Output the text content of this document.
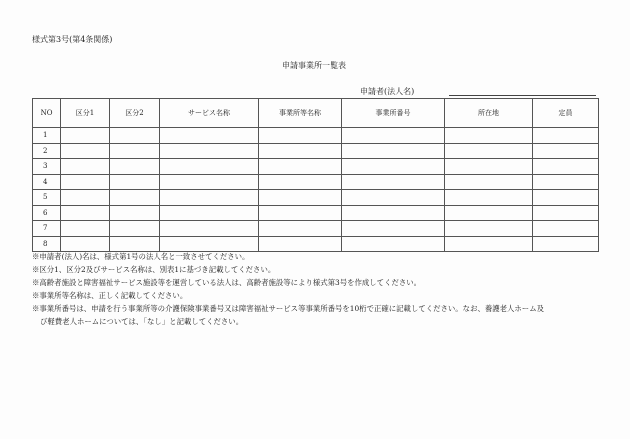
様式第3号(第4条関係)
申請事業所一覧表
申請者(法人名)
NO	区分1	区分2	サービス名称	事業所等名称	事業所番号	所在地	定員
1							
2							
3							
4							
5							
6							
7							
8							
※申請者(法人)名は、様式第1号の法人名と一致させてください。
※区分1、区分2及びサービス名称は、別表1に基づき記載してください。
※高齢者施設と障害福祉サービス施設等を運営している法人は、高齢者施設等により様式第3号を作成してください。
※事業所等名称は、正しく記載してください。
※事業所番号は、申請を行う事業所等の介護保険事業番号又は障害福祉サービス等事業所番号を10桁で正確に記載してください。なお、養護老人ホーム及
び軽費老人ホームについては、「なし」と記載してください。
